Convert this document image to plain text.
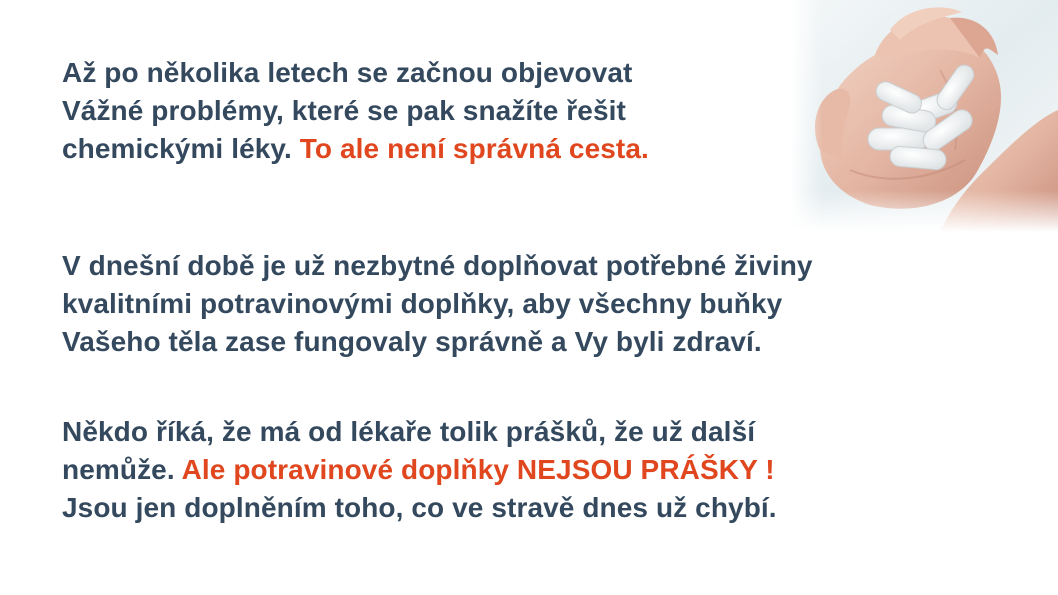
Až po několika letech se začnou objevovat
Vážné problémy, které se pak snažíte řešit
chemickými léky. To ale není správná cesta.
V dnešní době je už nezbytné doplňovat potřebné živiny
kvalitními potravinovými doplňky, aby všechny buňky
Vašeho těla zase fungovaly správně a Vy byli zdraví.
Někdo říká, že má od lékaře tolik prášků, že už další
nemůže. Ale potravinové doplňky NEJSOU PRÁŠKY !
Jsou jen doplněním toho, co ve stravě dnes už chybí.
